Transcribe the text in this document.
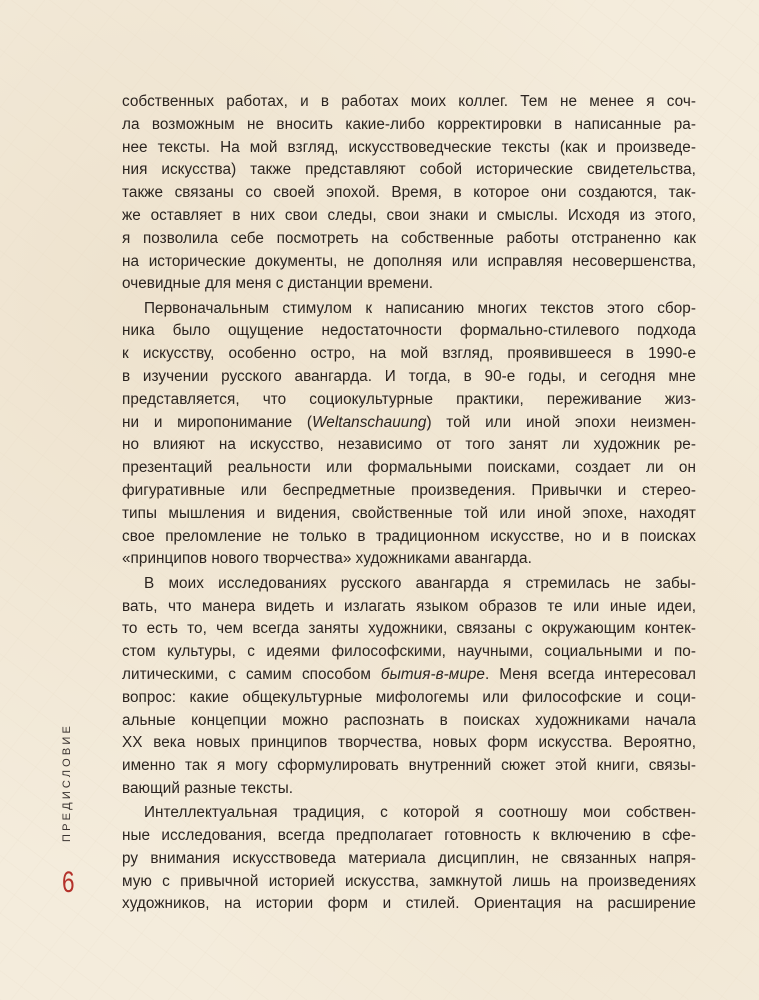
собственных работах, и в работах моих коллег. Тем не менее я соч-
ла возможным не вносить какие-либо корректировки в написанные ра-
нее тексты. На мой взгляд, искусствоведческие тексты (как и произведе-
ния искусства) также представляют собой исторические свидетельства,
также связаны со своей эпохой. Время, в которое они создаются, так-
же оставляет в них свои следы, свои знаки и смыслы. Исходя из этого,
я позволила себе посмотреть на собственные работы отстраненно как
на исторические документы, не дополняя или исправляя несовершенства,
очевидные для меня с дистанции времени.
Первоначальным стимулом к написанию многих текстов этого сбор-
ника было ощущение недостаточности формально-стилевого подхода
к искусству, особенно остро, на мой взгляд, проявившееся в 1990-е
в изучении русского авангарда. И тогда, в 90-е годы, и сегодня мне
представляется, что социокультурные практики, переживание жиз-
ни и миропонимание (Weltanschauung) той или иной эпохи неизмен-
но влияют на искусство, независимо от того занят ли художник ре-
презентаций реальности или формальными поисками, создает ли он
фигуративные или беспредметные произведения. Привычки и стерео-
типы мышления и видения, свойственные той или иной эпохе, находят
свое преломление не только в традиционном искусстве, но и в поисках
«принципов нового творчества» художниками авангарда.
В моих исследованиях русского авангарда я стремилась не забы-
вать, что манера видеть и излагать языком образов те или иные идеи,
то есть то, чем всегда заняты художники, связаны с окружающим контек-
стом культуры, с идеями философскими, научными, социальными и по-
литическими, с самим способом бытия-в-мире. Меня всегда интересовал
вопрос: какие общекультурные мифологемы или философские и соци-
альные концепции можно распознать в поисках художниками начала
XX века новых принципов творчества, новых форм искусства. Вероятно,
именно так я могу сформулировать внутренний сюжет этой книги, связы-
вающий разные тексты.
Интеллектуальная традиция, с которой я соотношу мои собствен-
ные исследования, всегда предполагает готовность к включению в сфе-
ру внимания искусствоведа материала дисциплин, не связанных напря-
мую с привычной историей искусства, замкнутой лишь на произведениях
художников, на истории форм и стилей. Ориентация на расширение
ПРЕДИСЛОВИЕ
6
